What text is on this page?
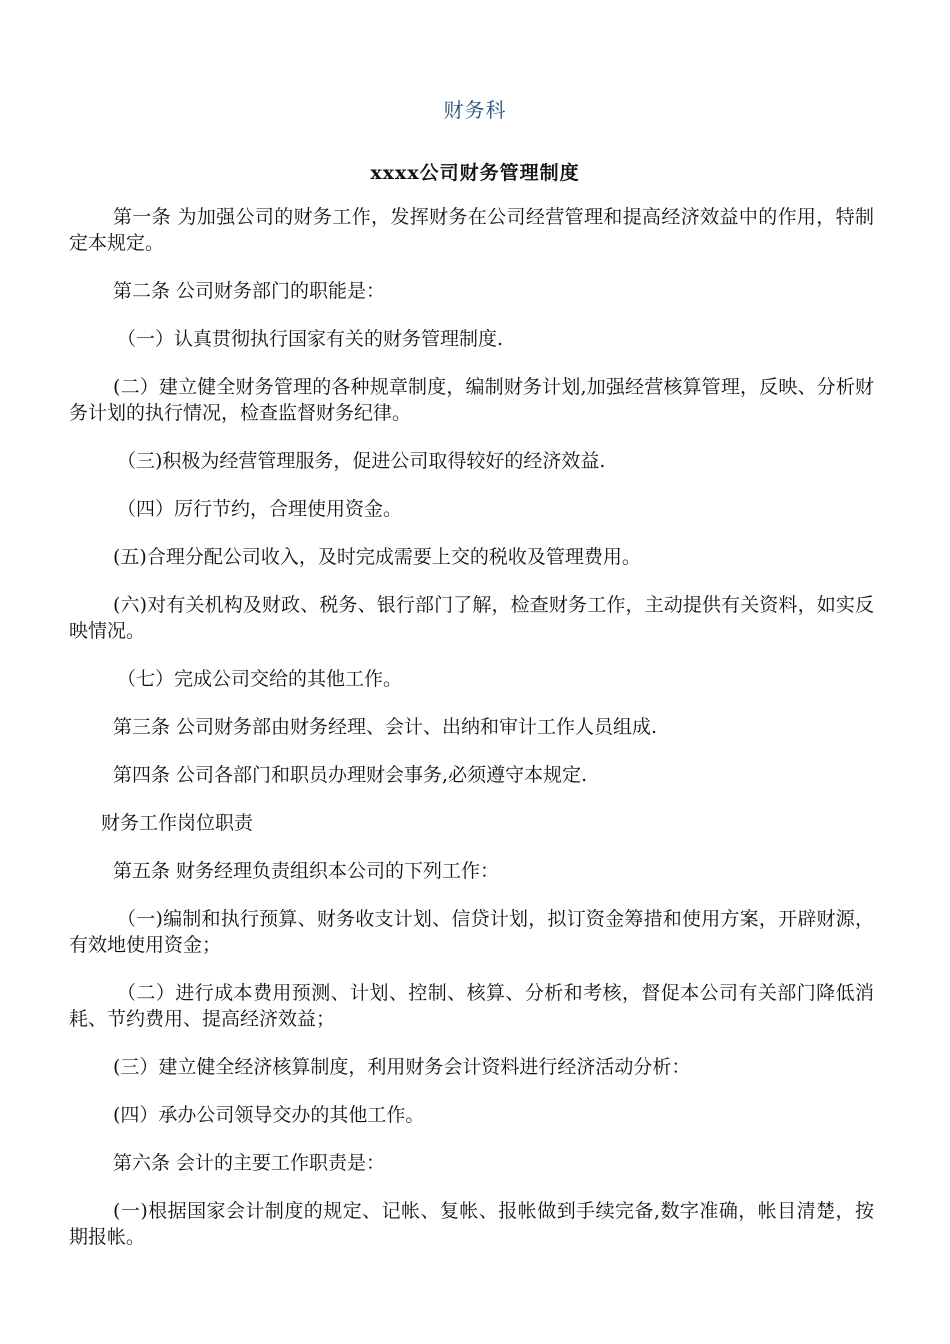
财务科
xxxx公司财务管理制度

第一条 为加强公司的财务工作，发挥财务在公司经营管理和提高经济效益中的作用，特制定本规定。

第二条 公司财务部门的职能是：

（一）认真贯彻执行国家有关的财务管理制度.

(二）建立健全财务管理的各种规章制度，编制财务计划,加强经营核算管理，反映、分析财务计划的执行情况，检查监督财务纪律。

（三)积极为经营管理服务，促进公司取得较好的经济效益.

（四）厉行节约，合理使用资金。

(五)合理分配公司收入，及时完成需要上交的税收及管理费用。

(六)对有关机构及财政、税务、银行部门了解，检查财务工作，主动提供有关资料，如实反映情况。

（七）完成公司交给的其他工作。

第三条 公司财务部由财务经理、会计、出纳和审计工作人员组成.

第四条 公司各部门和职员办理财会事务,必须遵守本规定.

财务工作岗位职责

第五条 财务经理负责组织本公司的下列工作：

（一)编制和执行预算、财务收支计划、信贷计划，拟订资金筹措和使用方案，开辟财源，有效地使用资金；

（二）进行成本费用预测、计划、控制、核算、分析和考核，督促本公司有关部门降低消耗、节约费用、提高经济效益；

(三）建立健全经济核算制度，利用财务会计资料进行经济活动分析：

(四）承办公司领导交办的其他工作。

第六条 会计的主要工作职责是：

(一)根据国家会计制度的规定、记帐、复帐、报帐做到手续完备,数字准确，帐目清楚，按期报帐。
